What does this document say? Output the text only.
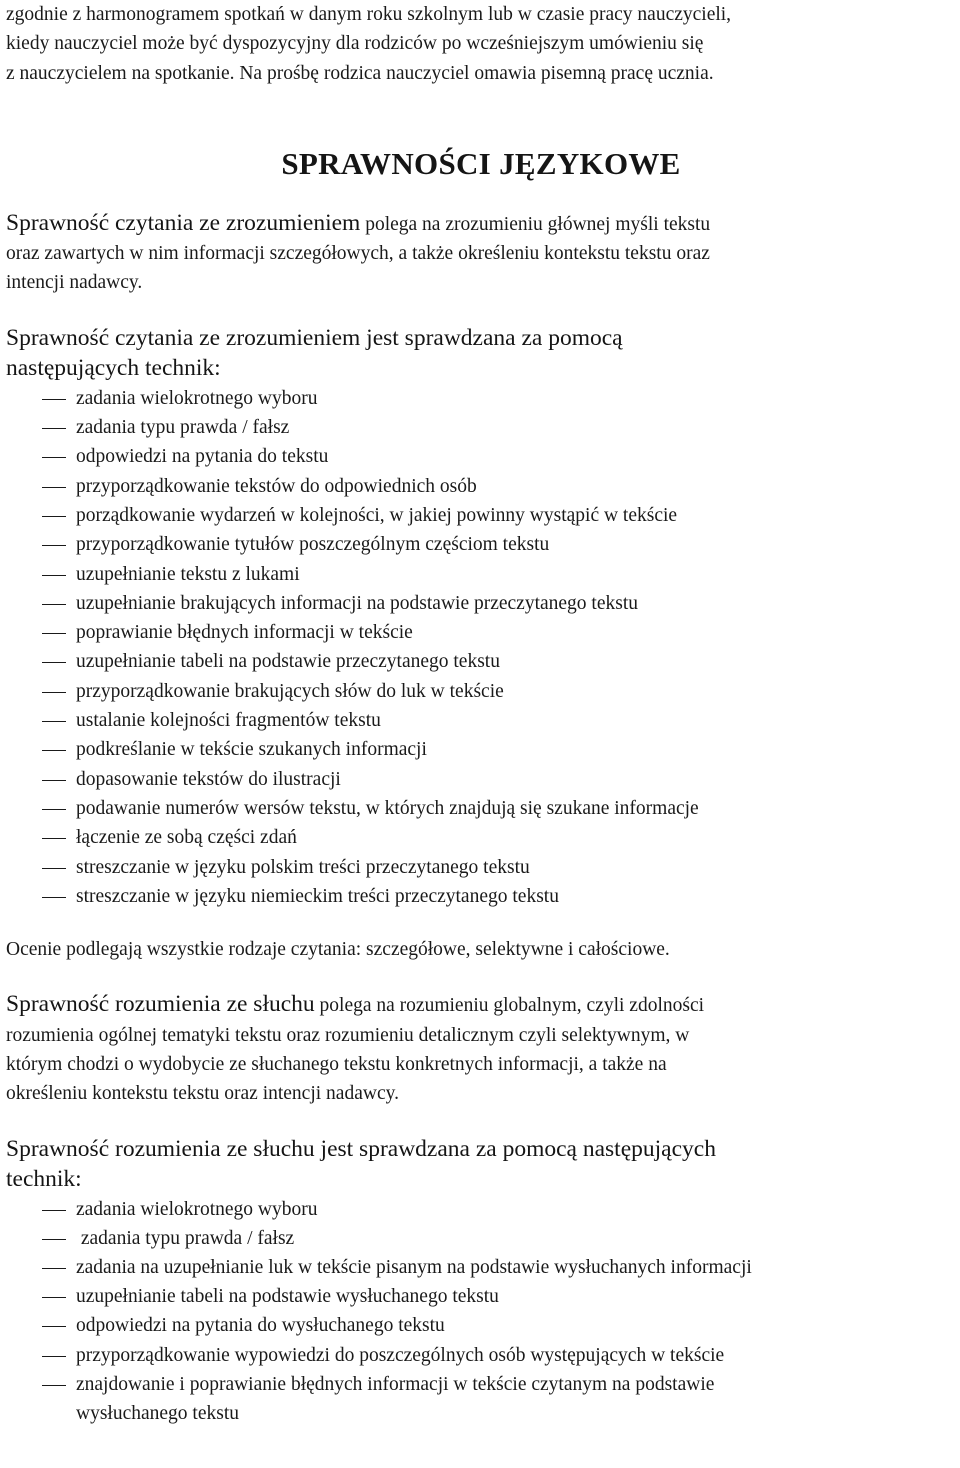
zgodnie z harmonogramem spotkań w danym roku szkolnym lub w czasie pracy nauczycieli,

kiedy nauczyciel może być dyspozycyjny dla rodziców po wcześniejszym umówieniu się

z nauczycielem na spotkanie. Na prośbę rodzica nauczyciel omawia pisemną pracę ucznia.

SPRAWNOŚCI JĘZYKOWE

Sprawność czytania ze zrozumieniem polega na zrozumieniu głównej myśli tekstu

oraz zawartych w nim informacji szczegółowych, a także określeniu kontekstu tekstu oraz

intencji nadawcy.

Sprawność czytania ze zrozumieniem jest sprawdzana za pomocą

następujących technik:

zadania wielokrotnego wyboru
zadania typu prawda / fałsz
odpowiedzi na pytania do tekstu
przyporządkowanie tekstów do odpowiednich osób
porządkowanie wydarzeń w kolejności, w jakiej powinny wystąpić w tekście
przyporządkowanie tytułów poszczególnym częściom tekstu
uzupełnianie tekstu z lukami
uzupełnianie brakujących informacji na podstawie przeczytanego tekstu
poprawianie błędnych informacji w tekście
uzupełnianie tabeli na podstawie przeczytanego tekstu
przyporządkowanie brakujących słów do luk w tekście
ustalanie kolejności fragmentów tekstu
podkreślanie w tekście szukanych informacji
dopasowanie tekstów do ilustracji
podawanie numerów wersów tekstu, w których znajdują się szukane informacje
łączenie ze sobą części zdań
streszczanie w języku polskim treści przeczytanego tekstu
streszczanie w języku niemieckim treści przeczytanego tekstu

Ocenie podlegają wszystkie rodzaje czytania: szczegółowe, selektywne i całościowe.

Sprawność rozumienia ze słuchu polega na rozumieniu globalnym, czyli zdolności

rozumienia ogólnej tematyki tekstu oraz rozumieniu detalicznym czyli selektywnym, w

którym chodzi o wydobycie ze słuchanego tekstu konkretnych informacji, a także na

określeniu kontekstu tekstu oraz intencji nadawcy.

Sprawność rozumienia ze słuchu jest sprawdzana za pomocą następujących

technik:

zadania wielokrotnego wyboru
zadania typu prawda / fałsz
zadania na uzupełnianie luk w tekście pisanym na podstawie wysłuchanych informacji
uzupełnianie tabeli na podstawie wysłuchanego tekstu
odpowiedzi na pytania do wysłuchanego tekstu
przyporządkowanie wypowiedzi do poszczególnych osób występujących w tekście
znajdowanie i poprawianie błędnych informacji w tekście czytanym na podstawie

wysłuchanego tekstu
